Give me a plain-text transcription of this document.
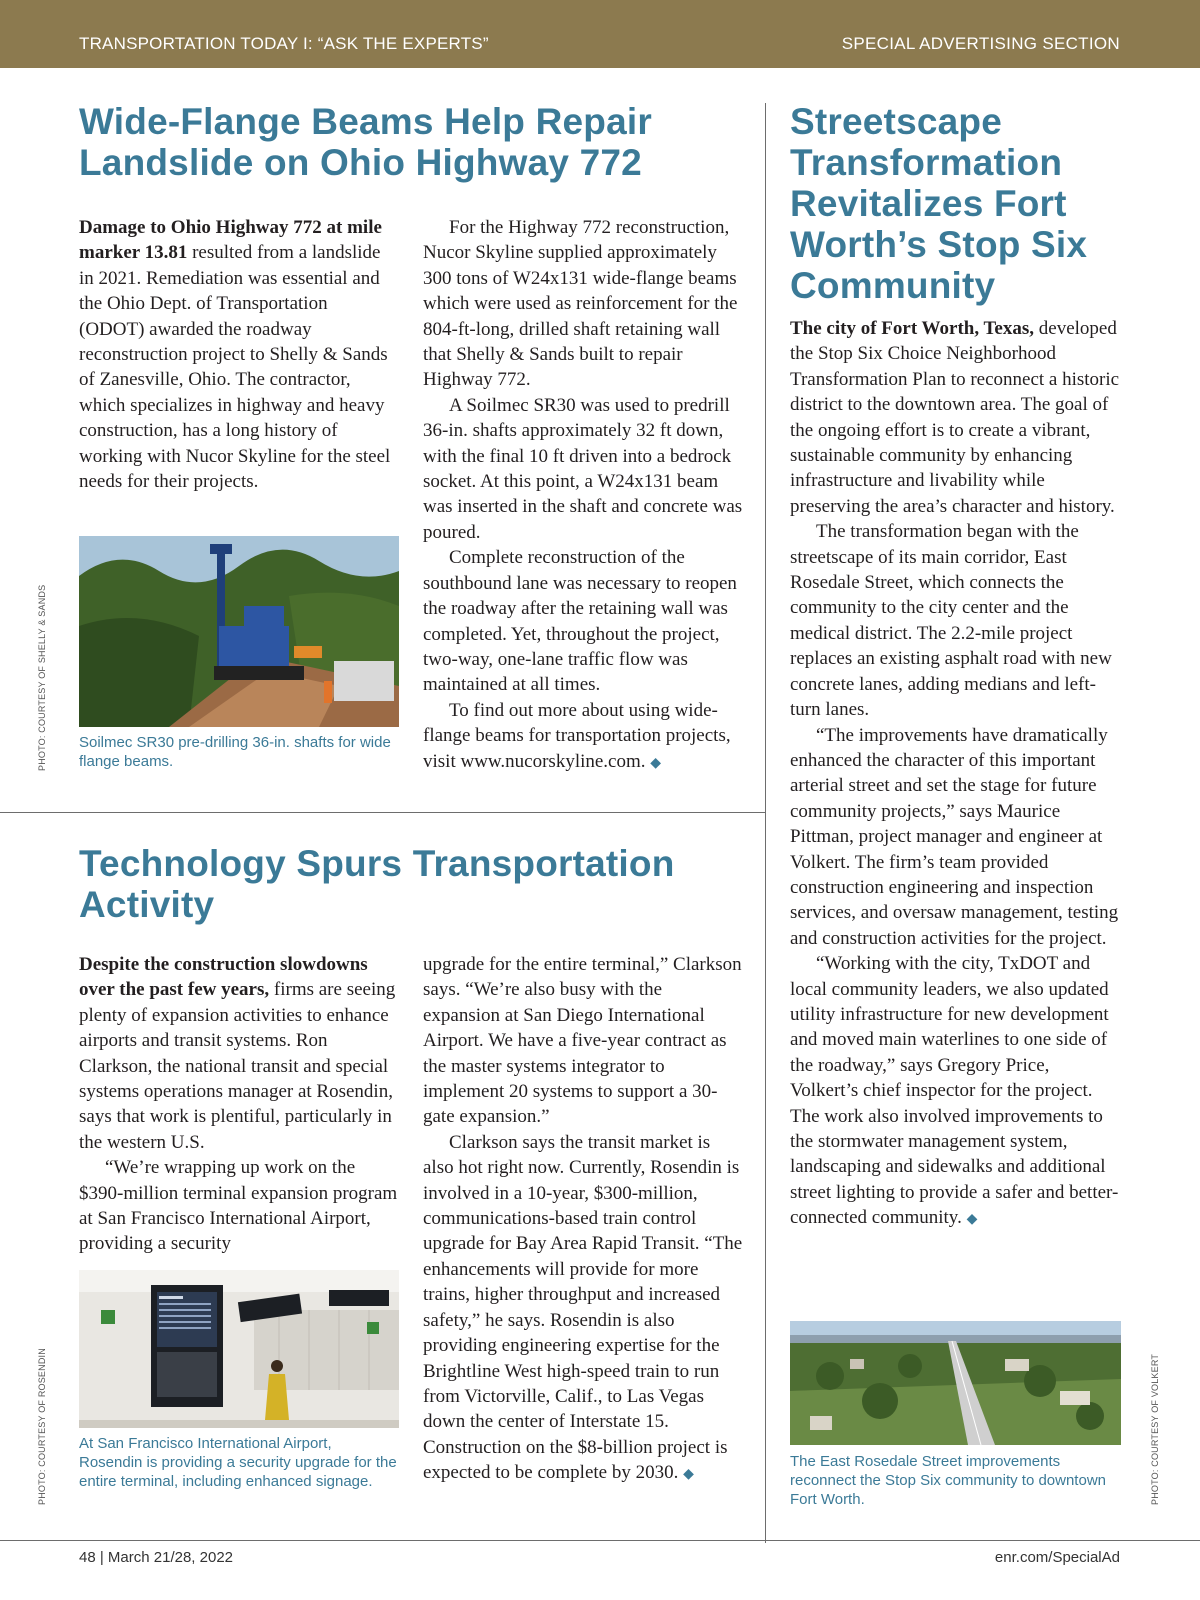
TRANSPORTATION TODAY I: “ASK THE EXPERTS”	SPECIAL ADVERTISING SECTION
Wide-Flange Beams Help Repair Landslide on Ohio Highway 772

Damage to Ohio Highway 772 at mile marker 13.81 resulted from a landslide in 2021. Remediation was essential and the Ohio Dept. of Transportation (ODOT) awarded the roadway reconstruction project to Shelly & Sands of Zanesville, Ohio. The contractor, which specializes in highway and heavy construction, has a long history of working with Nucor Skyline for the steel needs for their projects.

Soilmec SR30 pre-drilling 36-in. shafts for wide flange beams.
PHOTO: COURTESY OF SHELLY & SANDS

For the Highway 772 reconstruction, Nucor Skyline supplied approximately 300 tons of W24x131 wide-flange beams which were used as reinforcement for the 804-ft-long, drilled shaft retaining wall that Shelly & Sands built to repair Highway 772.

A Soilmec SR30 was used to predrill 36-in. shafts approximately 32 ft down, with the final 10 ft driven into a bedrock socket. At this point, a W24x131 beam was inserted in the shaft and concrete was poured.

Complete reconstruction of the southbound lane was necessary to reopen the roadway after the retaining wall was completed. Yet, throughout the project, two-way, one-lane traffic flow was maintained at all times.

To find out more about using wide-flange beams for transportation projects, visit www.nucorskyline.com. ◆

Technology Spurs Transportation Activity

Despite the construction slowdowns over the past few years, firms are seeing plenty of expansion activities to enhance airports and transit systems. Ron Clarkson, the national transit and special systems operations manager at Rosendin, says that work is plentiful, particularly in the western U.S.

“We’re wrapping up work on the $390-million terminal expansion program at San Francisco International Airport, providing a security

At San Francisco International Airport, Rosendin is providing a security upgrade for the entire terminal, including enhanced signage.
PHOTO: COURTESY OF ROSENDIN

upgrade for the entire terminal,” Clarkson says. “We’re also busy with the expansion at San Diego International Airport. We have a five-year contract as the master systems integrator to implement 20 systems to support a 30-gate expansion.”

Clarkson says the transit market is also hot right now. Currently, Rosendin is involved in a 10-year, $300-million, communications-based train control upgrade for Bay Area Rapid Transit. “The enhancements will provide for more trains, higher throughput and increased safety,” he says. Rosendin is also providing engineering expertise for the Brightline West high-speed train to run from Victorville, Calif., to Las Vegas down the center of Interstate 15. Construction on the $8-billion project is expected to be complete by 2030. ◆

Streetscape Transformation Revitalizes Fort Worth’s Stop Six Community

The city of Fort Worth, Texas, developed the Stop Six Choice Neighborhood Transformation Plan to reconnect a historic district to the downtown area. The goal of the ongoing effort is to create a vibrant, sustainable community by enhancing infrastructure and livability while preserving the area’s character and history.

The transformation began with the streetscape of its main corridor, East Rosedale Street, which connects the community to the city center and the medical district. The 2.2-mile project replaces an existing asphalt road with new concrete lanes, adding medians and left-turn lanes.

“The improvements have dramatically enhanced the character of this important arterial street and set the stage for future community projects,” says Maurice Pittman, project manager and engineer at Volkert. The firm’s team provided construction engineering and inspection services, and oversaw management, testing and construction activities for the project.

“Working with the city, TxDOT and local community leaders, we also updated utility infrastructure for new development and moved main waterlines to one side of the roadway,” says Gregory Price, Volkert’s chief inspector for the project. The work also involved improvements to the stormwater management system, landscaping and sidewalks and additional street lighting to provide a safer and better-connected community. ◆

The East Rosedale Street improvements reconnect the Stop Six community to downtown Fort Worth.	PHOTO: COURTESY OF VOLKERT
48 | March 21/28, 2022	enr.com/SpecialAd
